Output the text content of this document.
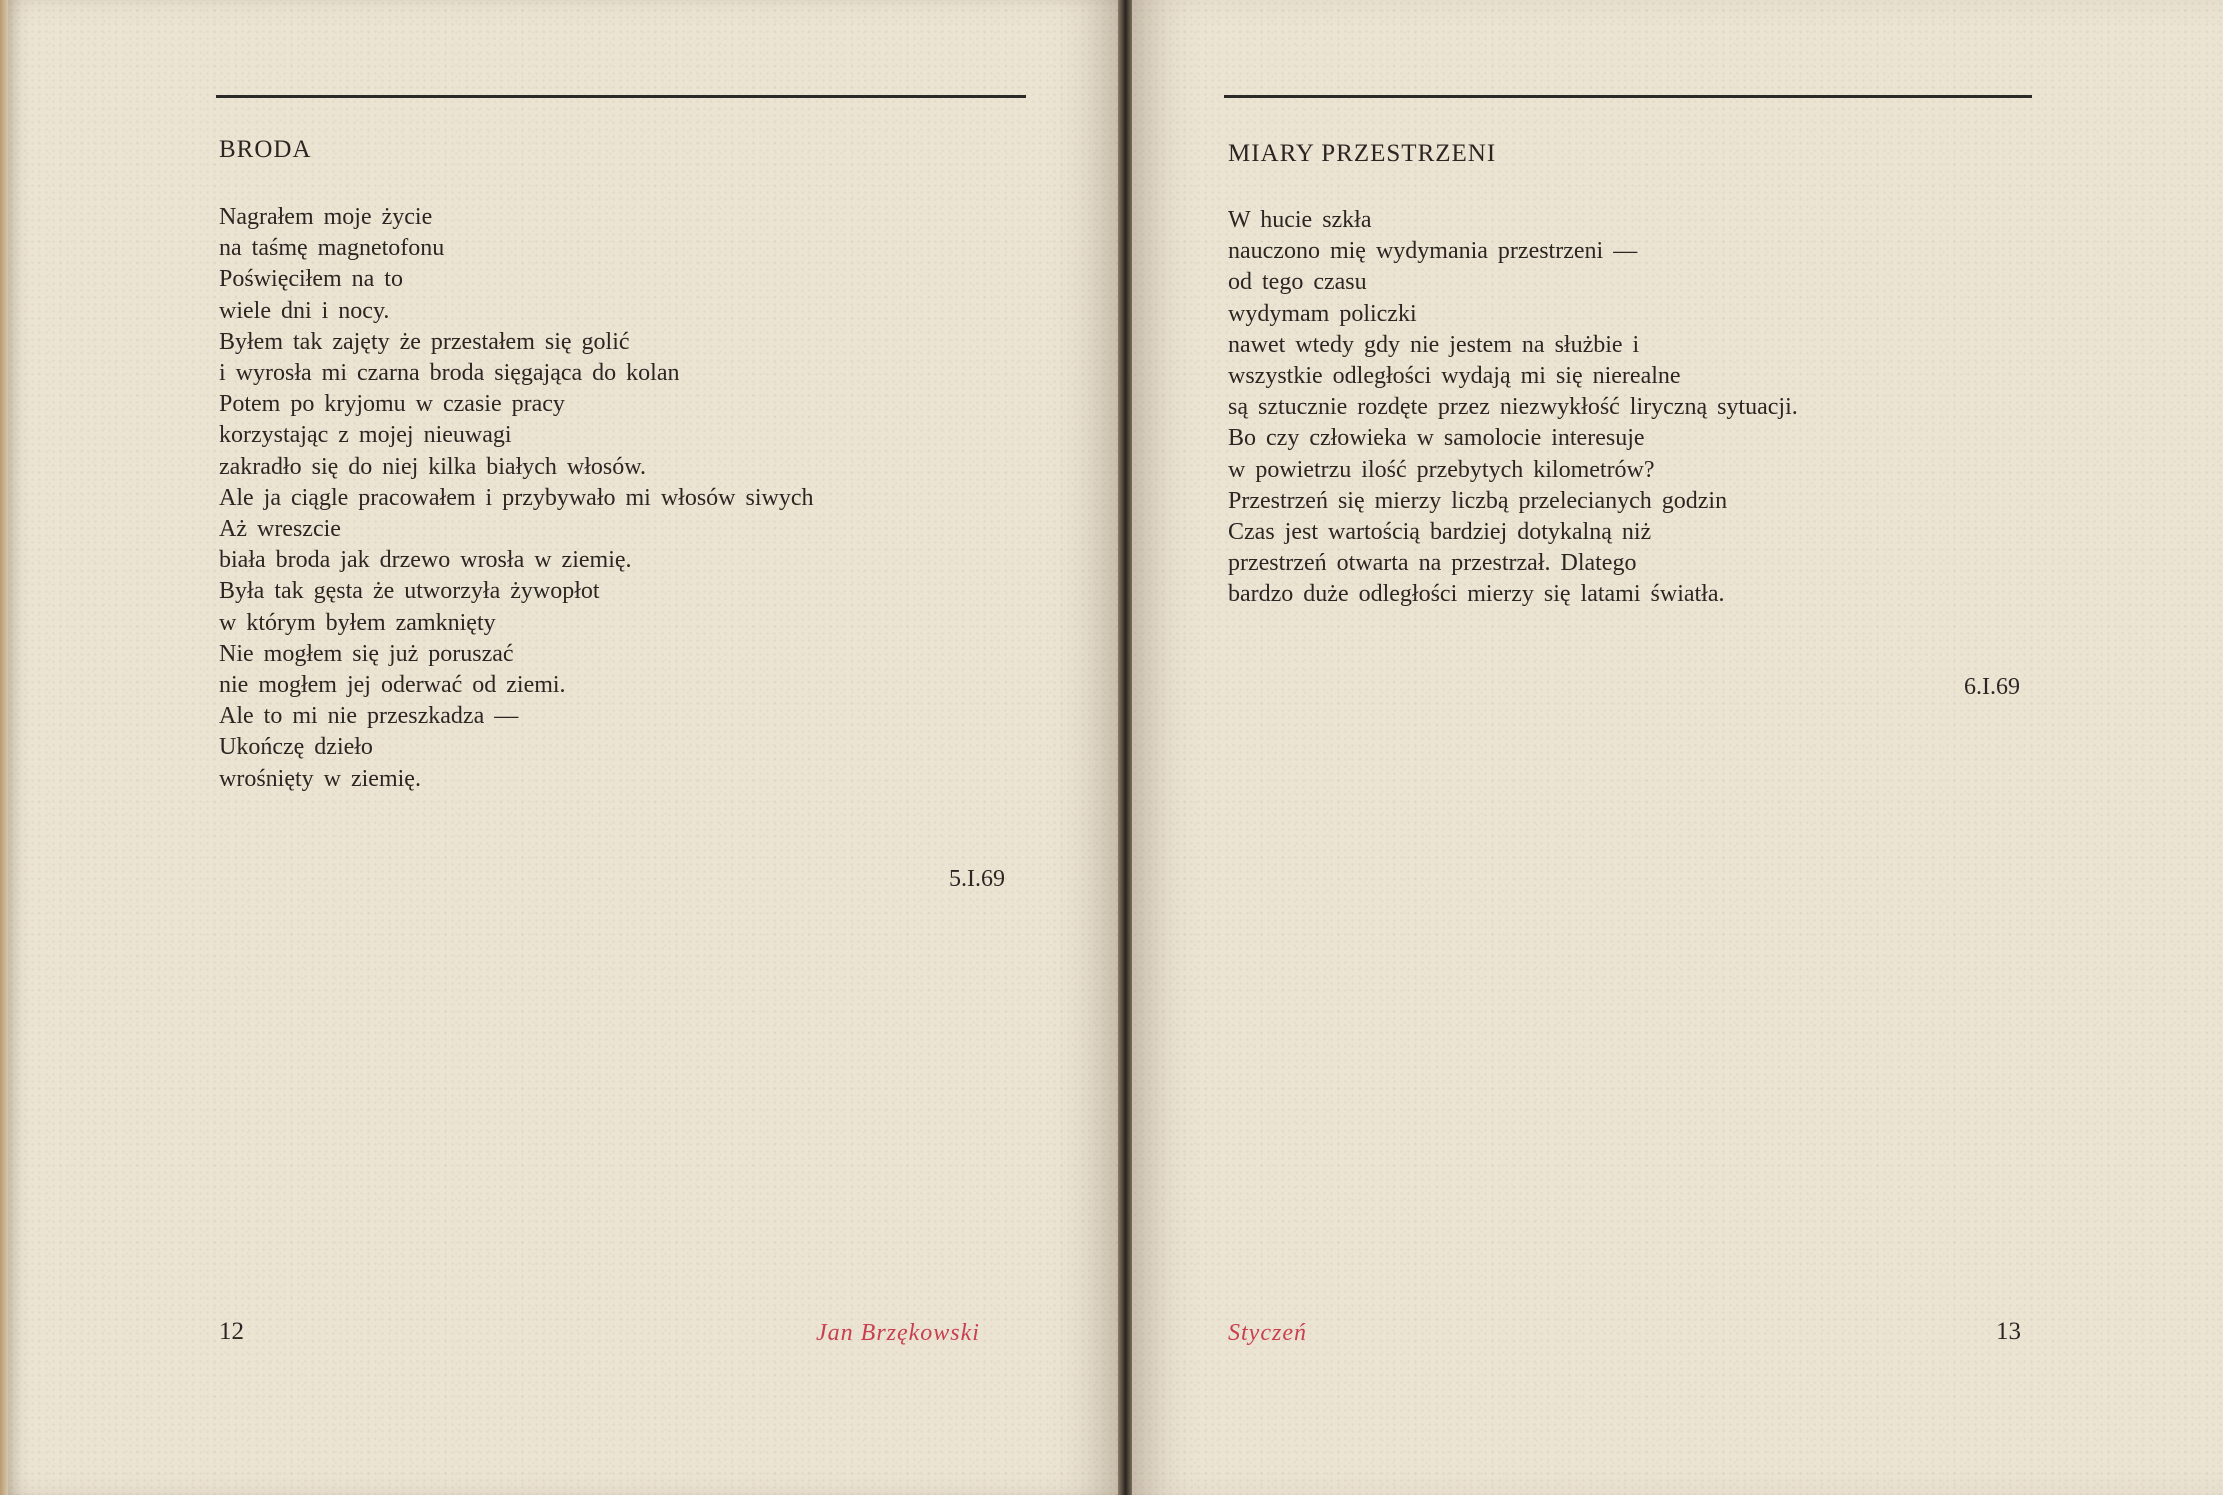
BRODA
Nagrałem moje życie
na taśmę magnetofonu
Poświęciłem na to
wiele dni i nocy.
Byłem tak zajęty że przestałem się golić
i wyrosła mi czarna broda sięgająca do kolan
Potem po kryjomu w czasie pracy
korzystając z mojej nieuwagi
zakradło się do niej kilka białych włosów.
Ale ja ciągle pracowałem i przybywało mi włosów siwych
Aż wreszcie
biała broda jak drzewo wrosła w ziemię.
Była tak gęsta że utworzyła żywopłot
w którym byłem zamknięty
Nie mogłem się już poruszać
nie mogłem jej oderwać od ziemi.
Ale to mi nie przeszkadza —
Ukończę dzieło
wrośnięty w ziemię.
5.I.69
12	Jan Brzękowski
MIARY PRZESTRZENI
W hucie szkła
nauczono mię wydymania przestrzeni —
od tego czasu
wydymam policzki
nawet wtedy gdy nie jestem na służbie i
wszystkie odległości wydają mi się nierealne
są sztucznie rozdęte przez niezwykłość liryczną sytuacji.
Bo czy człowieka w samolocie interesuje
w powietrzu ilość przebytych kilometrów?
Przestrzeń się mierzy liczbą przelecianych godzin
Czas jest wartością bardziej dotykalną niż
przestrzeń otwarta na przestrzał. Dlatego
bardzo duże odległości mierzy się latami światła.
6.I.69
Styczeń	13
